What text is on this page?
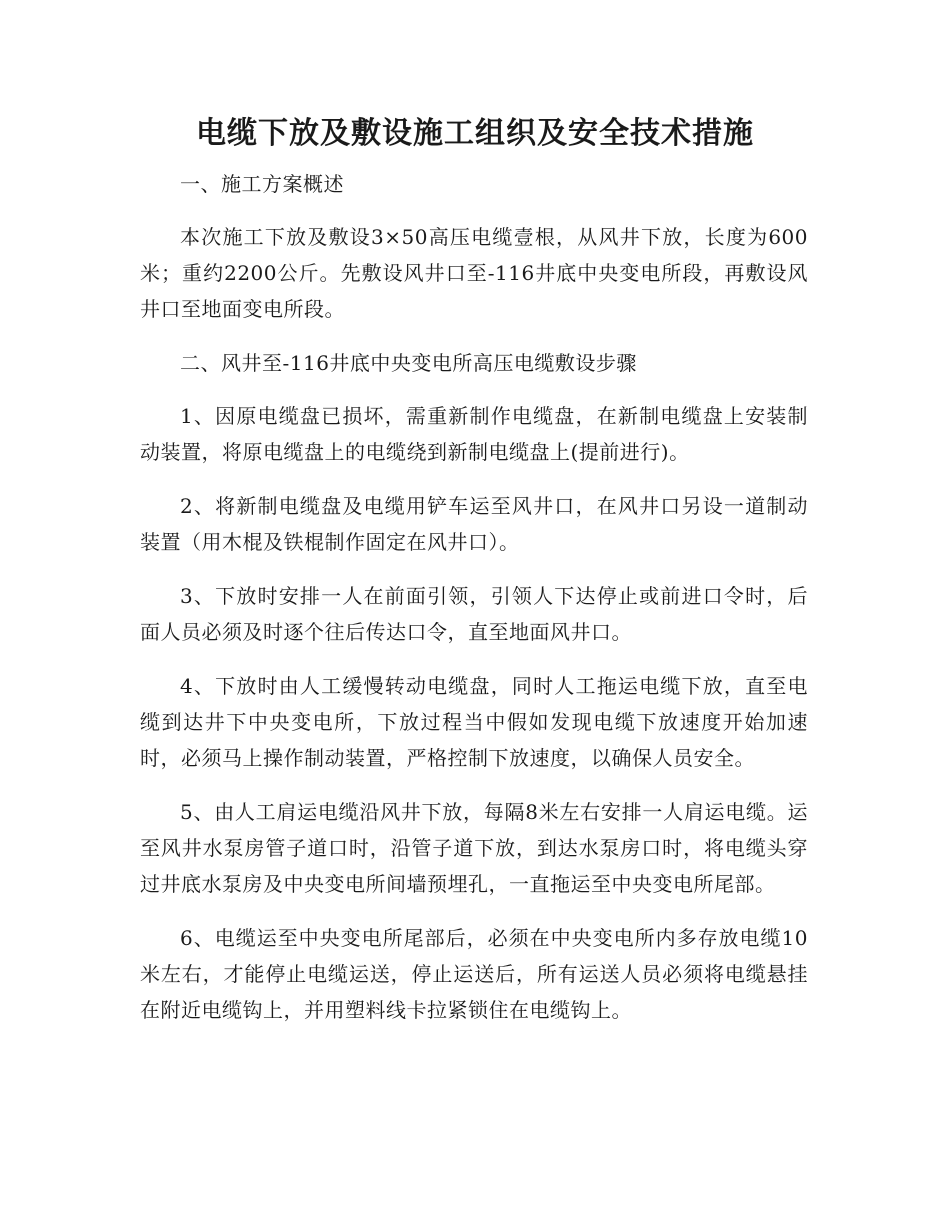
电缆下放及敷设施工组织及安全技术措施

一、施工方案概述

本次施工下放及敷设3×50高压电缆壹根，从风井下放，长度为600米；重约2200公斤。先敷设风井口至-116井底中央变电所段，再敷设风井口至地面变电所段。

二、风井至-116井底中央变电所高压电缆敷设步骤

1、因原电缆盘已损坏，需重新制作电缆盘，在新制电缆盘上安装制动装置，将原电缆盘上的电缆绕到新制电缆盘上(提前进行)。

2、将新制电缆盘及电缆用铲车运至风井口，在风井口另设一道制动装置（用木棍及铁棍制作固定在风井口）。

3、下放时安排一人在前面引领，引领人下达停止或前进口令时，后面人员必须及时逐个往后传达口令，直至地面风井口。

4、下放时由人工缓慢转动电缆盘，同时人工拖运电缆下放，直至电缆到达井下中央变电所，下放过程当中假如发现电缆下放速度开始加速时，必须马上操作制动装置，严格控制下放速度，以确保人员安全。

5、由人工肩运电缆沿风井下放，每隔8米左右安排一人肩运电缆。运至风井水泵房管子道口时，沿管子道下放，到达水泵房口时，将电缆头穿过井底水泵房及中央变电所间墙预埋孔，一直拖运至中央变电所尾部。

6、电缆运至中央变电所尾部后，必须在中央变电所内多存放电缆10米左右，才能停止电缆运送，停止运送后，所有运送人员必须将电缆悬挂在附近电缆钩上，并用塑料线卡拉紧锁住在电缆钩上。
